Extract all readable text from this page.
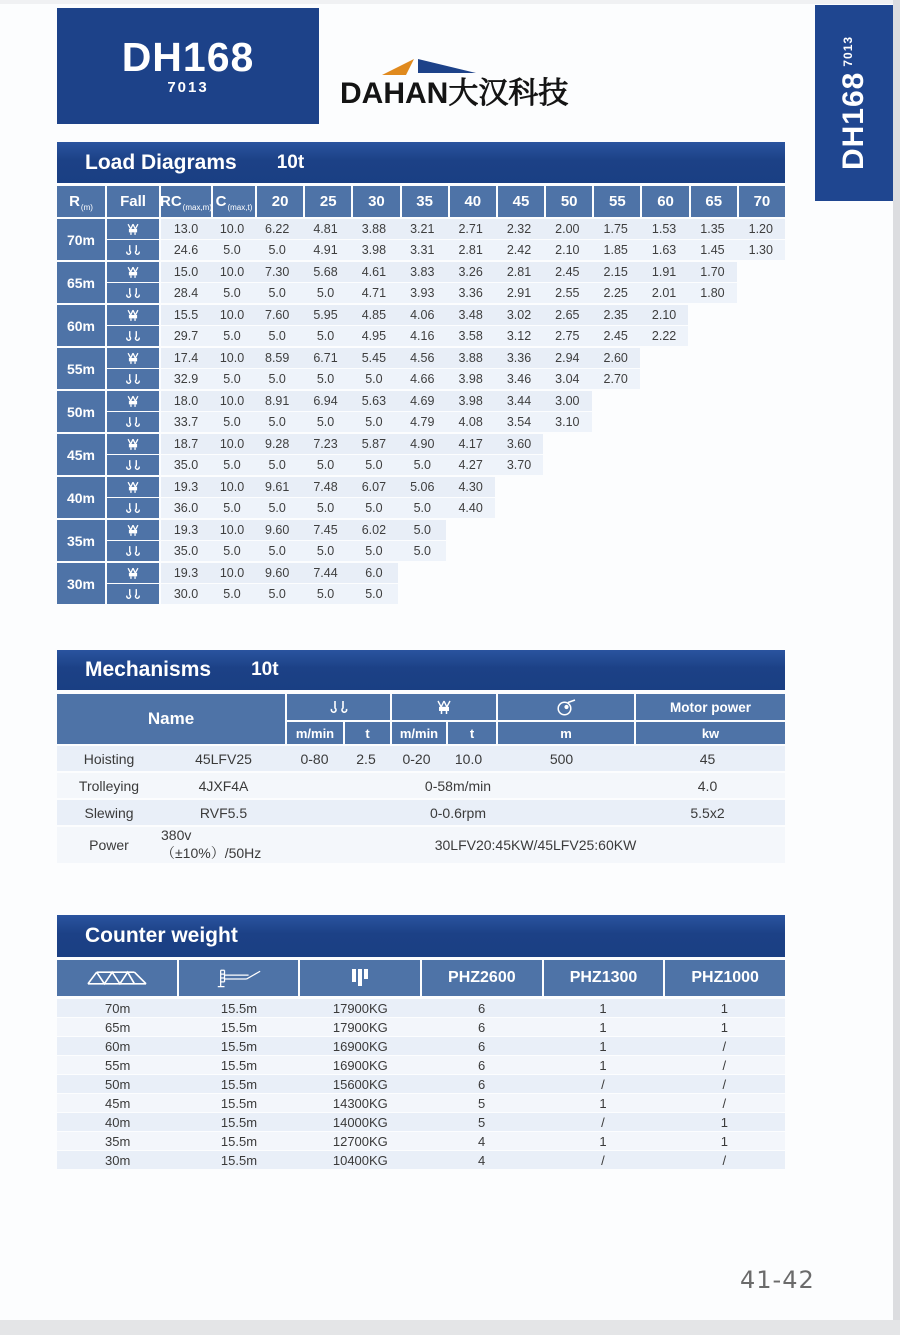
DH168
7013	DAHAN大汉科技	DH168
7013
Load Diagrams 10t
R (m) Fall RC (max,m) C (max,t)	20	25	30	35	40	45	50	55	60	65	70
70m
13.0	10.0	6.22	4.81	3.88	3.21	2.71	2.32	2.00	1.75	1.53	1.35	1.20
24.6	5.0	5.0	4.91	3.98	3.31	2.81	2.42	2.10	1.85	1.63	1.45	1.30
65m
15.0	10.0	7.30	5.68	4.61	3.83	3.26	2.81	2.45	2.15	1.91	1.70
28.4	5.0	5.0	5.0	4.71	3.93	3.36	2.91	2.55	2.25	2.01	1.80
60m
15.5	10.0	7.60	5.95	4.85	4.06	3.48	3.02	2.65	2.35	2.10
29.7	5.0	5.0	5.0	4.95	4.16	3.58	3.12	2.75	2.45	2.22
55m
17.4	10.0	8.59	6.71	5.45	4.56	3.88	3.36	2.94	2.60
32.9	5.0	5.0	5.0	5.0	4.66	3.98	3.46	3.04	2.70
50m
18.0	10.0	8.91	6.94	5.63	4.69	3.98	3.44	3.00
33.7	5.0	5.0	5.0	5.0	4.79	4.08	3.54	3.10
45m
18.7	10.0	9.28	7.23	5.87	4.90	4.17	3.60
35.0	5.0	5.0	5.0	5.0	5.0	4.27	3.70
40m
19.3	10.0	9.61	7.48	6.07	5.06	4.30
36.0	5.0	5.0	5.0	5.0	5.0	4.40
35m
19.3	10.0	9.60	7.45	6.02	5.0
35.0	5.0	5.0	5.0	5.0	5.0
30m
19.3	10.0	9.60	7.44	6.0
30.0	5.0	5.0	5.0	5.0
Mechanisms 10t
Name
Motor power
m/min	t	m/min	t	m	kw
Hoisting	45LFV25	0-80	2.5	0-20	10.0	500	45
Trolleying	4JXF4A	0-58m/min	4.0
Slewing	RVF5.5	0-0.6rpm	5.5x2
Power
380v（±10%）/50Hz	30LFV20:45KW/45LFV25:60KW
Counter weight
PHZ2600	PHZ1300	PHZ1000
70m	15.5m	17900KG	6	1	1
65m	15.5m	17900KG	6	1	1
60m	15.5m	16900KG	6	1	/
55m	15.5m	16900KG	6	1	/
50m	15.5m	15600KG	6	/	/
45m	15.5m	14300KG	5	1	/
40m	15.5m	14000KG	5	/	1
35m	15.5m	12700KG	4	1	1
30m	15.5m	10400KG	4	/	/
41-42
